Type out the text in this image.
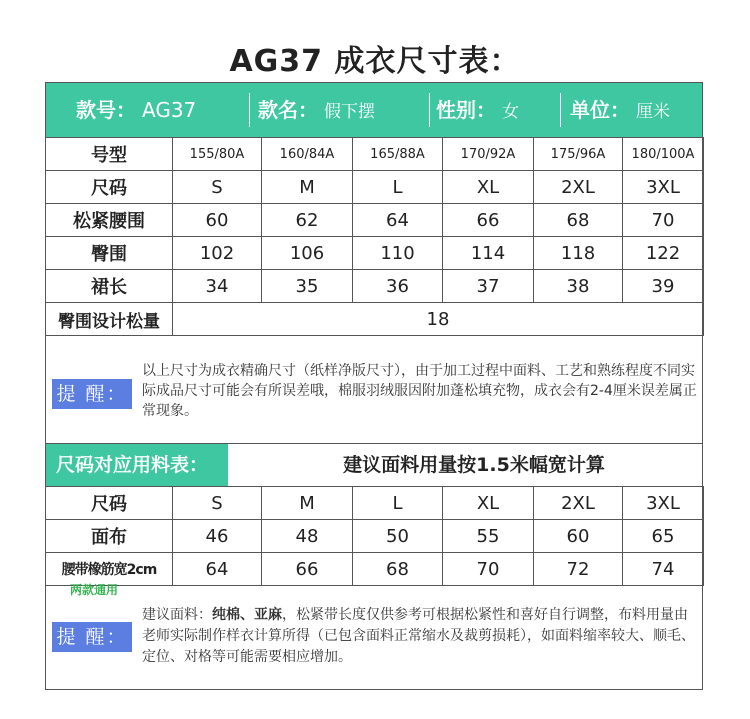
AG37 成衣尺寸表：
款号： AG37	款名： 假下摆	性别： 女	单位： 厘米
号型	155/80A	160/84A	165/88A	170/92A	175/96A	180/100A
尺码	S	M	L	XL	2XL	3XL
松紧腰围	60	62	64	66	68	70
臀围	102	106	110	114	118	122
裙长	34	35	36	37	38	39
臀围设计松量	18					
提 醒：
以上尺寸为成衣精确尺寸（纸样净版尺寸），由于加工过程中面料、工艺和熟练程度不同实际成品尺寸可能会有所误差哦，棉服羽绒服因附加蓬松填充物，成衣会有2-4厘米误差属正常现象。
尺码对应用料表：	建议面料用量按1.5米幅宽计算
尺码	S	M	L	XL	2XL	3XL
面布	46	48	50	55	60	65
腰带橡筋宽2cm	64	66	68	70	72	74
两款通用
提 醒：
建议面料：纯棉、亚麻，松紧带长度仅供参考可根据松紧性和喜好自行调整，布料用量由老师实际制作样衣计算所得（已包含面料正常缩水及裁剪损耗），如面料缩率较大、顺毛、定位、对格等可能需要相应增加。
